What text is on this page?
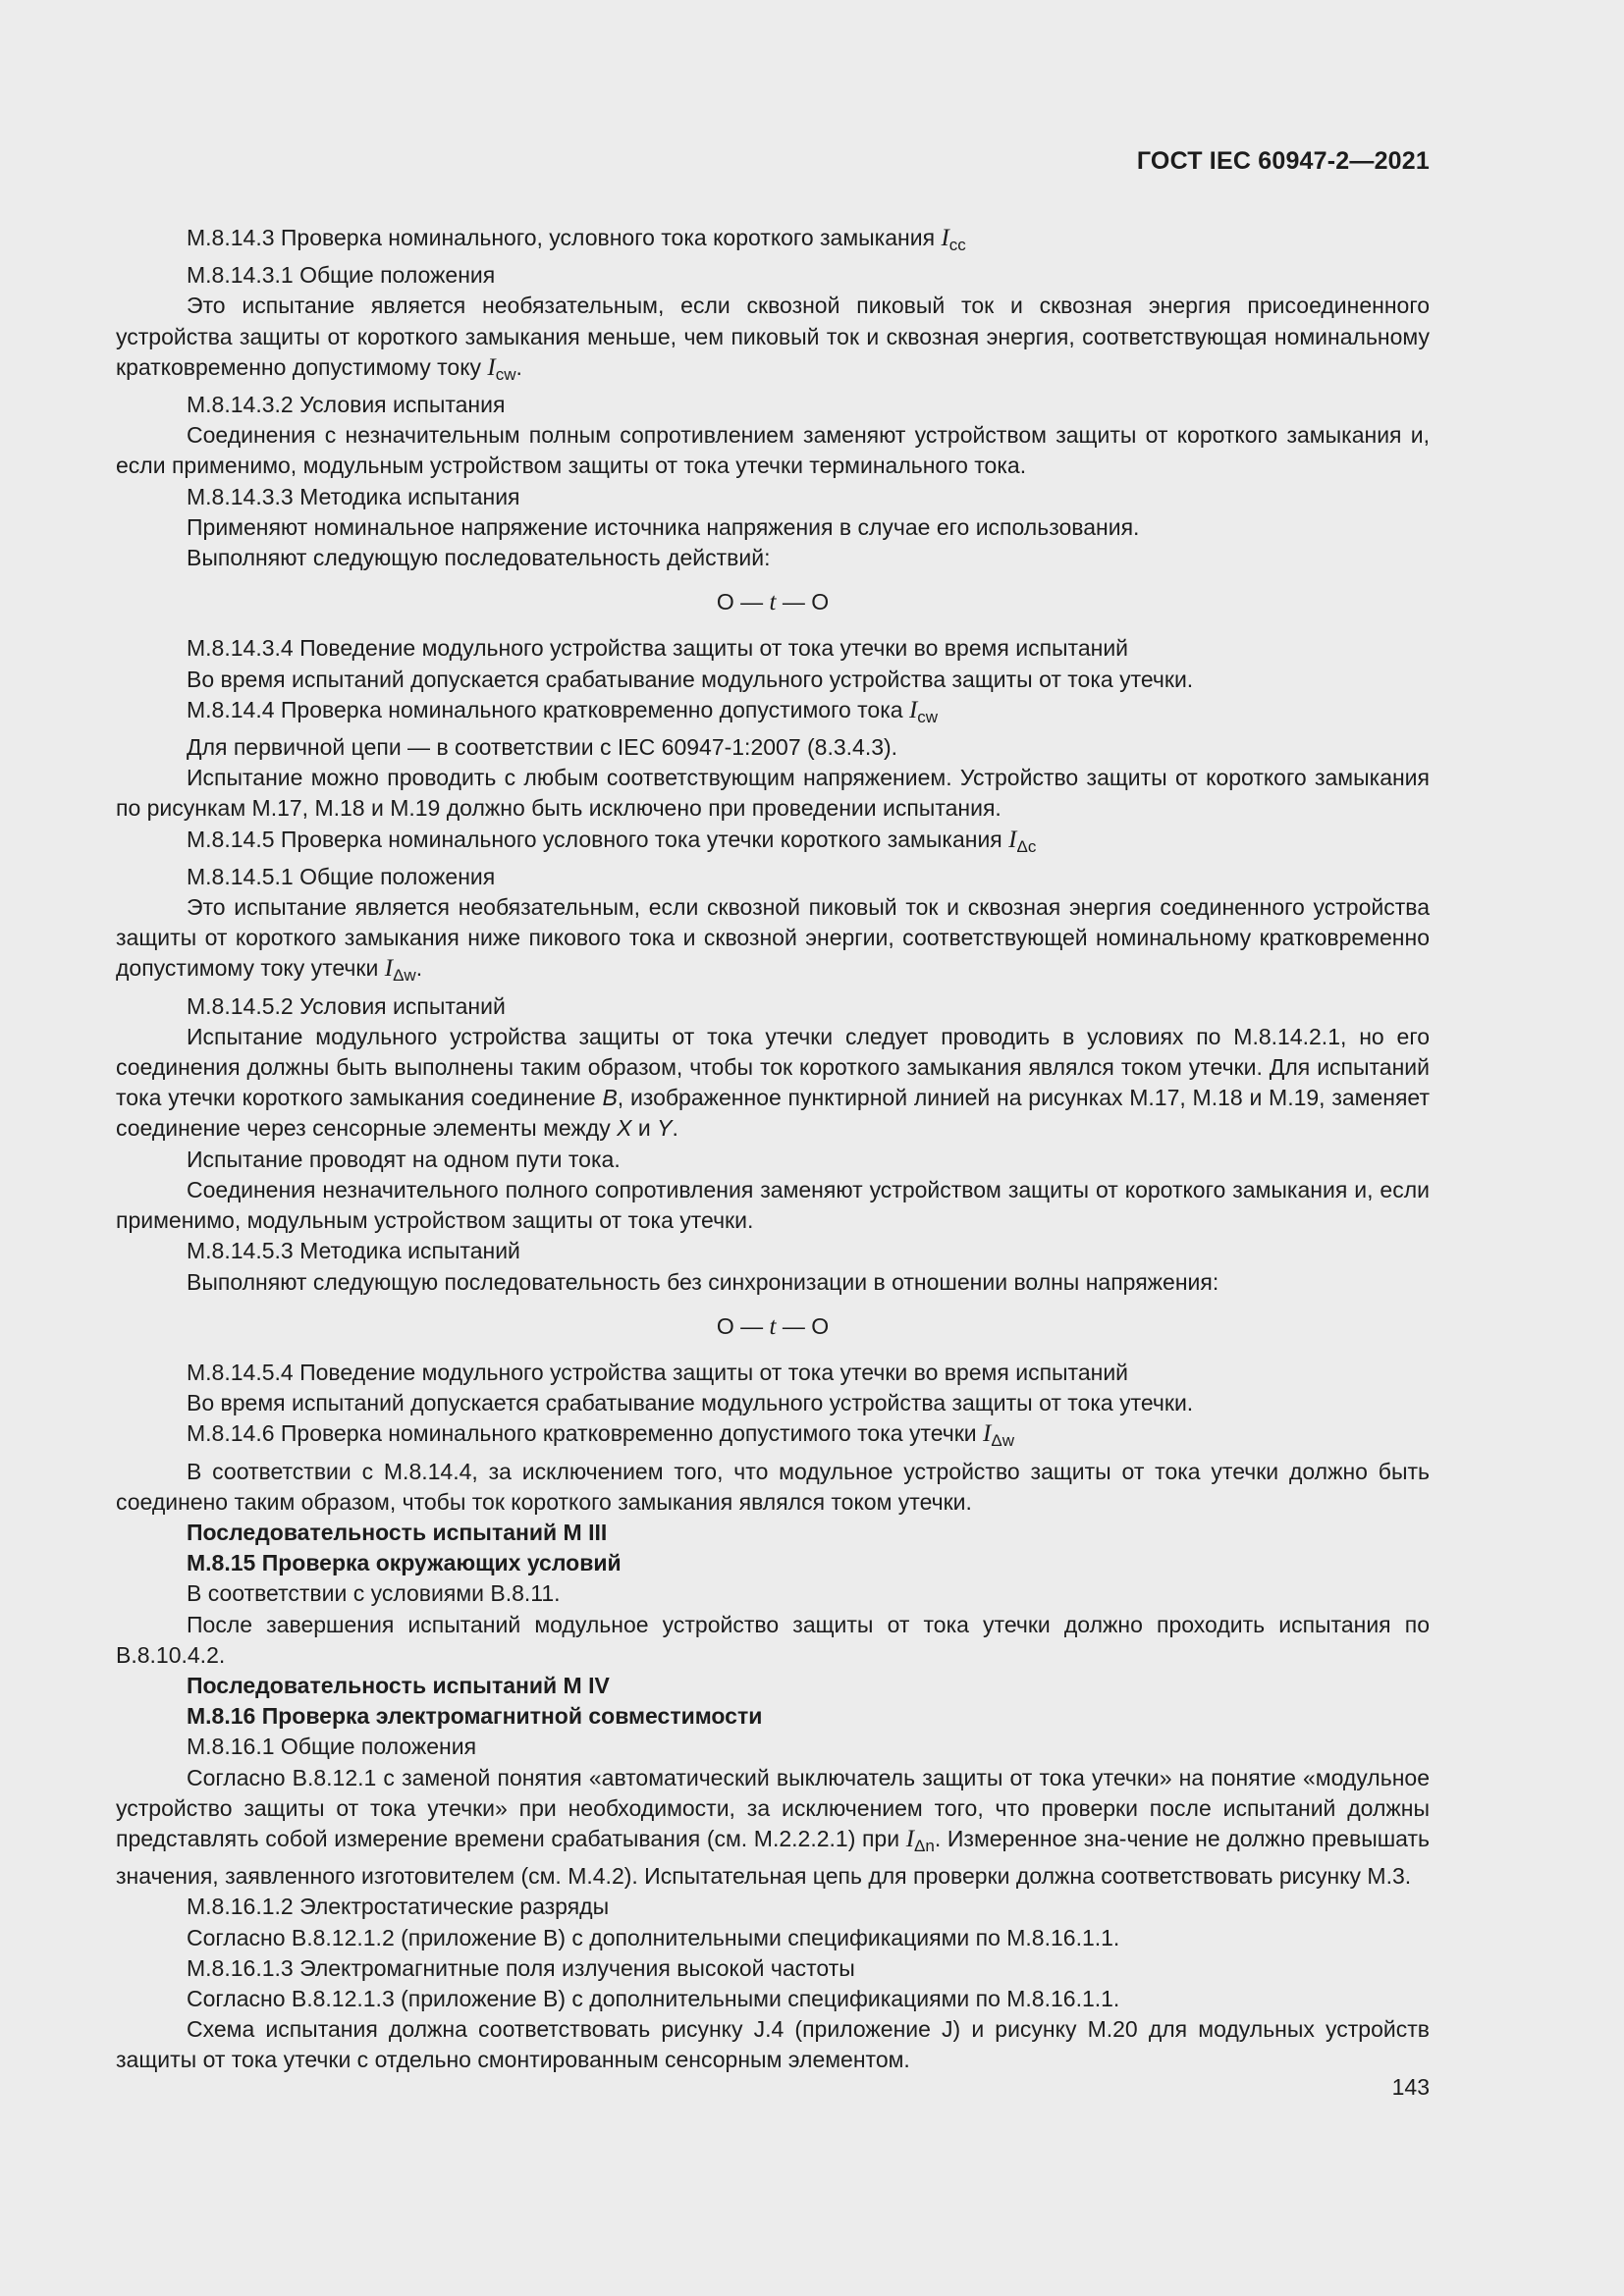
ГОСТ IEC 60947-2—2021

М.8.14.3 Проверка номинального, условного тока короткого замыкания $I_{cc}$

М.8.14.3.1 Общие положения

Это испытание является необязательным, если сквозной пиковый ток и сквозная энергия присоединенного устройства защиты от короткого замыкания меньше, чем пиковый ток и сквозная энергия, соответствующая номинальному кратковременно допустимому току $I_{cw}$.

М.8.14.3.2 Условия испытания

Соединения с незначительным полным сопротивлением заменяют устройством защиты от короткого замыкания и, если применимо, модульным устройством защиты от тока утечки терминального тока.

М.8.14.3.3 Методика испытания

Применяют номинальное напряжение источника напряжения в случае его использования.

Выполняют следующую последовательность действий:

О — t — О

М.8.14.3.4 Поведение модульного устройства защиты от тока утечки во время испытаний

Во время испытаний допускается срабатывание модульного устройства защиты от тока утечки.

М.8.14.4 Проверка номинального кратковременно допустимого тока $I_{cw}$

Для первичной цепи — в соответствии с IEC 60947-1:2007 (8.3.4.3).

Испытание можно проводить с любым соответствующим напряжением. Устройство защиты от короткого замыкания по рисункам М.17, М.18 и М.19 должно быть исключено при проведении испытания.

М.8.14.5 Проверка номинального условного тока утечки короткого замыкания $I_{\Delta c}$

М.8.14.5.1 Общие положения

Это испытание является необязательным, если сквозной пиковый ток и сквозная энергия соединенного устройства защиты от короткого замыкания ниже пикового тока и сквозной энергии, соответствующей номинальному кратковременно допустимому току утечки $I_{\Delta w}$.

М.8.14.5.2 Условия испытаний

Испытание модульного устройства защиты от тока утечки следует проводить в условиях по М.8.14.2.1, но его соединения должны быть выполнены таким образом, чтобы ток короткого замыкания являлся током утечки. Для испытаний тока утечки короткого замыкания соединение B, изображенное пунктирной линией на рисунках М.17, М.18 и М.19, заменяет соединение через сенсорные элементы между X и Y.

Испытание проводят на одном пути тока.

Соединения незначительного полного сопротивления заменяют устройством защиты от короткого замыкания и, если применимо, модульным устройством защиты от тока утечки.

М.8.14.5.3 Методика испытаний

Выполняют следующую последовательность без синхронизации в отношении волны напряжения:

О — t — О

М.8.14.5.4 Поведение модульного устройства защиты от тока утечки во время испытаний

Во время испытаний допускается срабатывание модульного устройства защиты от тока утечки.

М.8.14.6 Проверка номинального кратковременно допустимого тока утечки $I_{\Delta w}$

В соответствии с М.8.14.4, за исключением того, что модульное устройство защиты от тока утечки должно быть соединено таким образом, чтобы ток короткого замыкания являлся током утечки.

Последовательность испытаний М III

М.8.15 Проверка окружающих условий

В соответствии с условиями В.8.11.

После завершения испытаний модульное устройство защиты от тока утечки должно проходить испытания по В.8.10.4.2.

Последовательность испытаний М IV

М.8.16 Проверка электромагнитной совместимости

М.8.16.1 Общие положения

Согласно В.8.12.1 с заменой понятия «автоматический выключатель защиты от тока утечки» на понятие «модульное устройство защиты от тока утечки» при необходимости, за исключением того, что проверки после испытаний должны представлять собой измерение времени срабатывания (см. М.2.2.2.1) при $I_{\Delta n}$. Измеренное зна-чение не должно превышать значения, заявленного изготовителем (см. М.4.2). Испытательная цепь для проверки должна соответствовать рисунку М.3.

М.8.16.1.2 Электростатические разряды

Согласно В.8.12.1.2 (приложение В) с дополнительными спецификациями по М.8.16.1.1.

М.8.16.1.3 Электромагнитные поля излучения высокой частоты

Согласно В.8.12.1.3 (приложение В) с дополнительными спецификациями по М.8.16.1.1.

Схема испытания должна соответствовать рисунку J.4 (приложение J) и рисунку М.20 для модульных устройств защиты от тока утечки с отдельно смонтированным сенсорным элементом.

143
